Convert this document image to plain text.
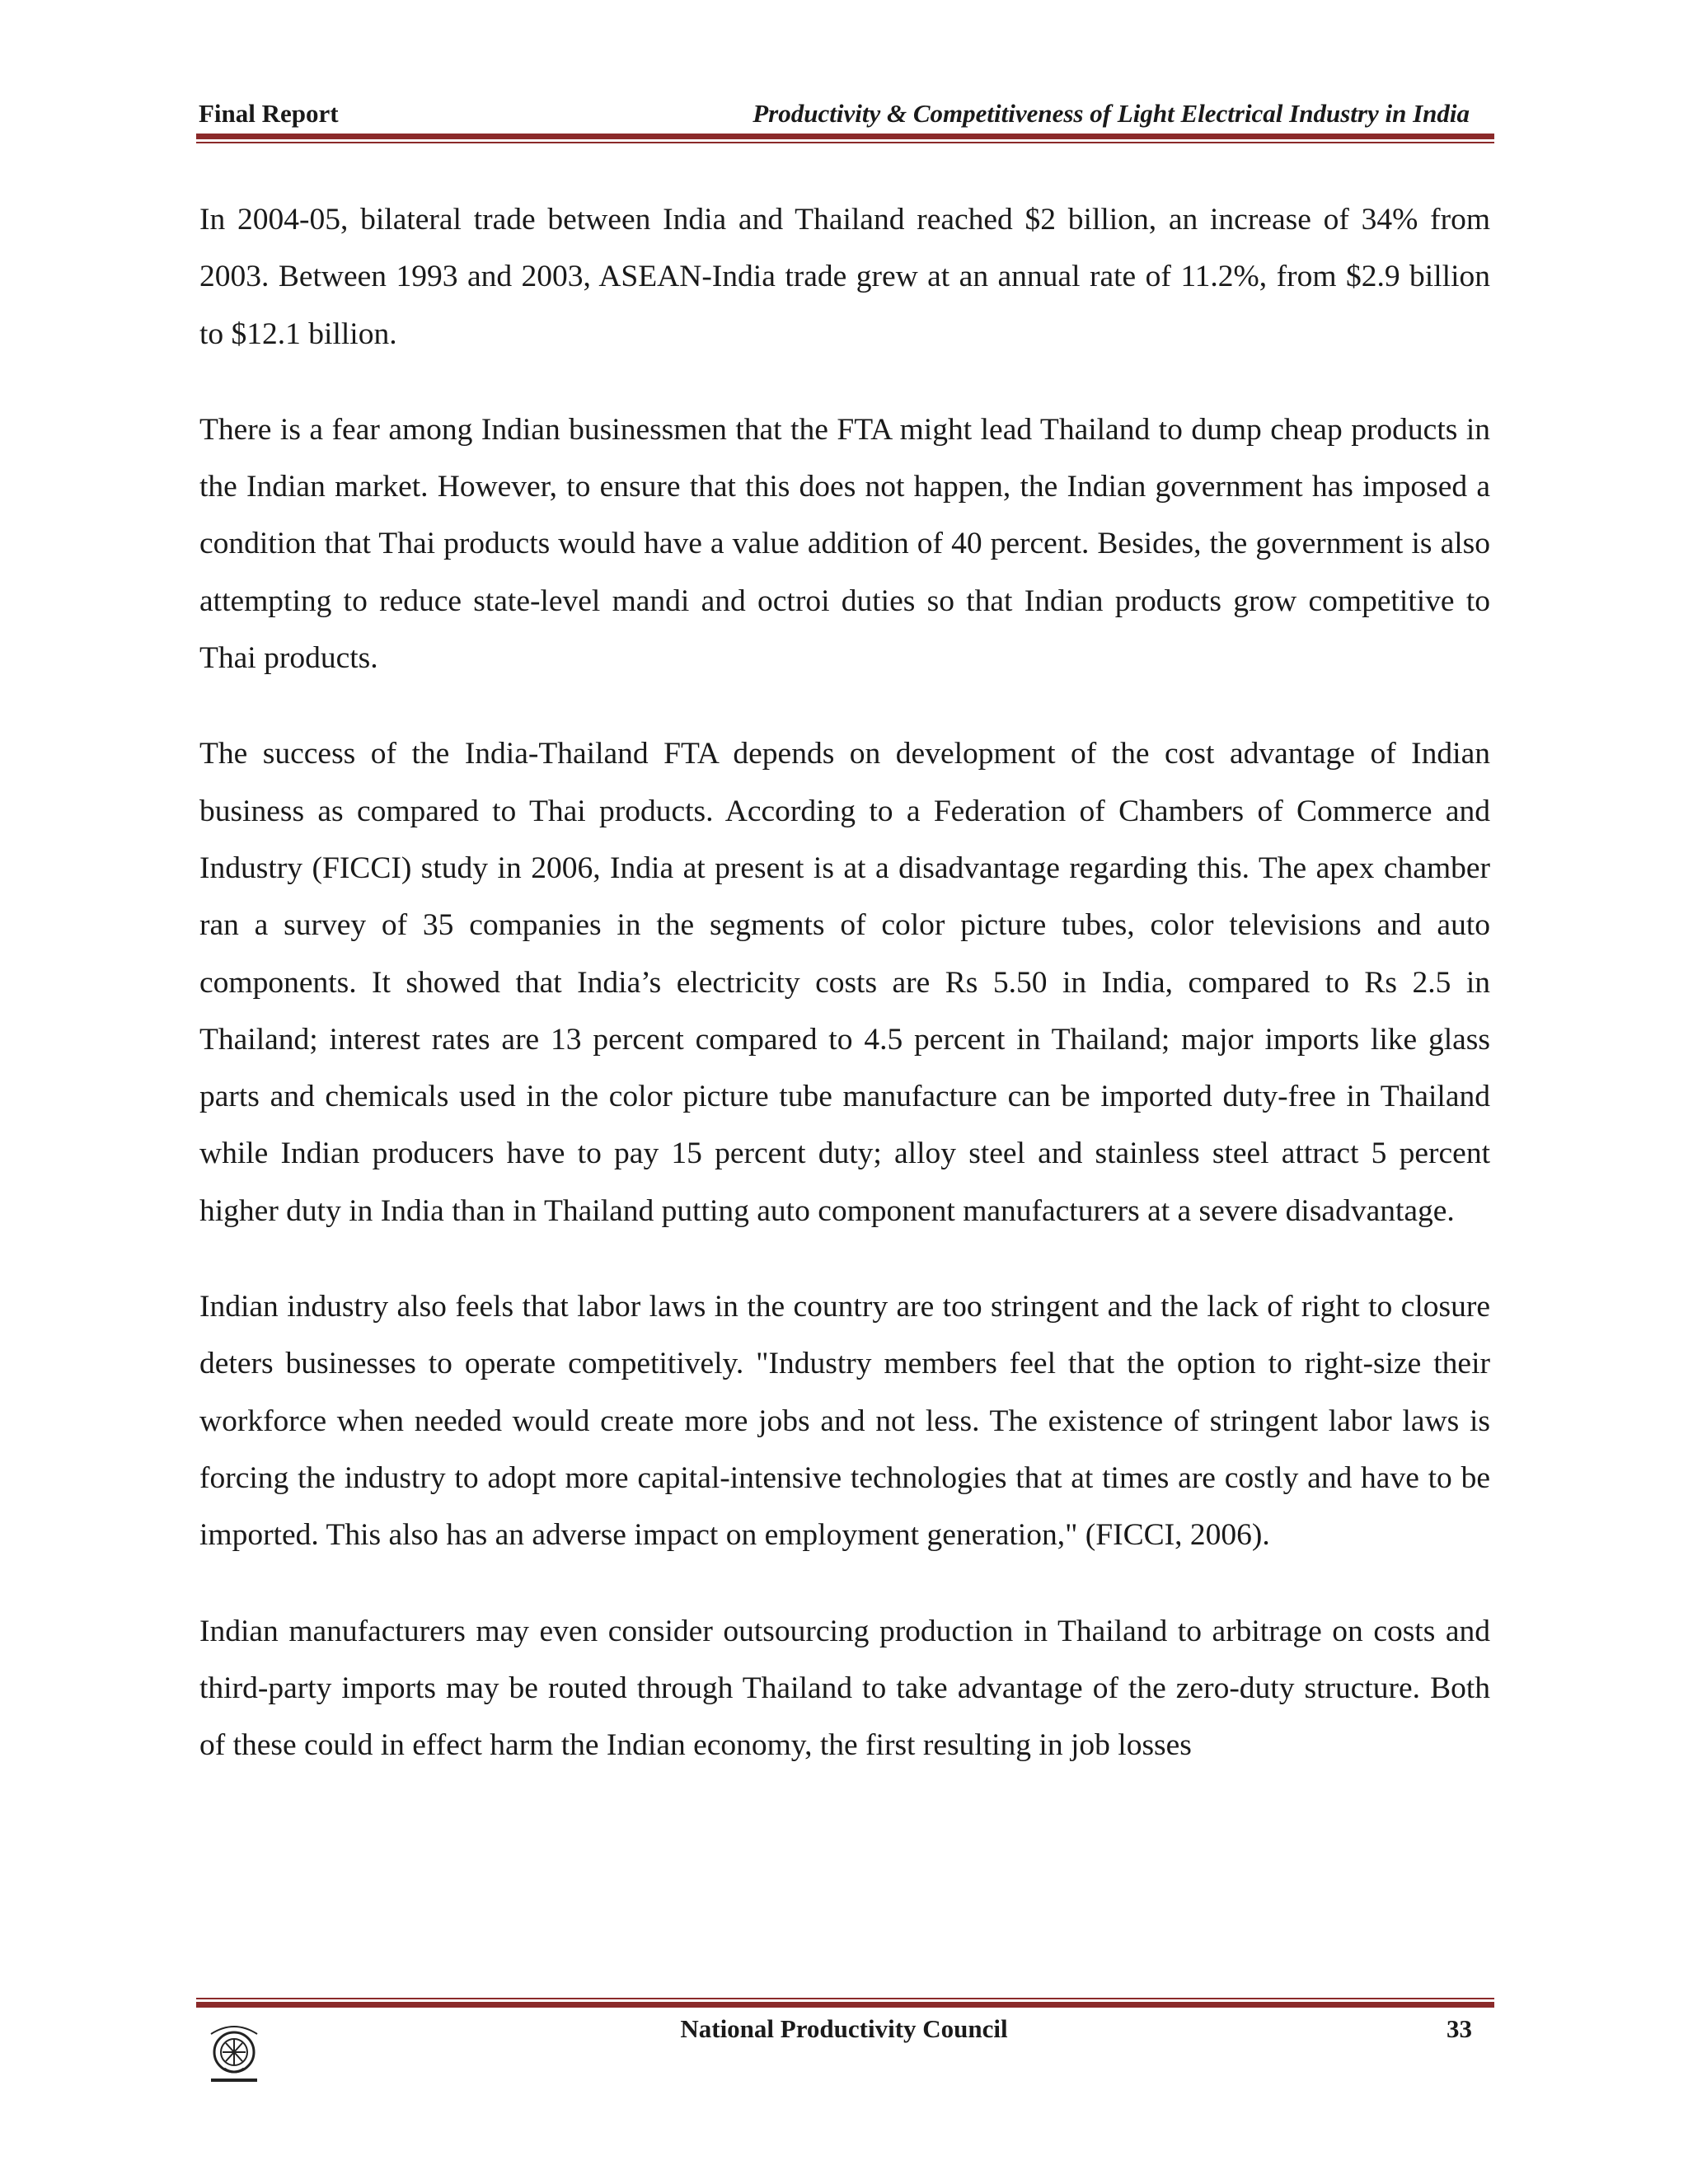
Final Report	Productivity & Competitiveness of Light Electrical Industry in India

In 2004-05, bilateral trade between India and Thailand reached $2 billion, an increase of 34% from 2003. Between 1993 and 2003, ASEAN-India trade grew at an annual rate of 11.2%, from $2.9 billion to $12.1 billion.

There is a fear among Indian businessmen that the FTA might lead Thailand to dump cheap products in the Indian market. However, to ensure that this does not happen, the Indian government has imposed a condition that Thai products would have a value addition of 40 percent. Besides, the government is also attempting to reduce state-level mandi and octroi duties so that Indian products grow competitive to Thai products.

The success of the India-Thailand FTA depends on development of the cost advantage of Indian business as compared to Thai products. According to a Federation of Chambers of Commerce and Industry (FICCI) study in 2006, India at present is at a disadvantage regarding this. The apex chamber ran a survey of 35 companies in the segments of color picture tubes, color televisions and auto components. It showed that India’s electricity costs are Rs 5.50 in India, compared to Rs 2.5 in Thailand; interest rates are 13 percent compared to 4.5 percent in Thailand; major imports like glass parts and chemicals used in the color picture tube manufacture can be imported duty-free in Thailand while Indian producers have to pay 15 percent duty; alloy steel and stainless steel attract 5 percent higher duty in India than in Thailand putting auto component manufacturers at a severe disadvantage.

Indian industry also feels that labor laws in the country are too stringent and the lack of right to closure deters businesses to operate competitively. "Industry members feel that the option to right-size their workforce when needed would create more jobs and not less. The existence of stringent labor laws is forcing the industry to adopt more capital-intensive technologies that at times are costly and have to be imported. This also has an adverse impact on employment generation," (FICCI, 2006).

Indian manufacturers may even consider outsourcing production in Thailand to arbitrage on costs and third-party imports may be routed through Thailand to take advantage of the zero-duty structure. Both of these could in effect harm the Indian economy, the first resulting in job losses

National Productivity Council	33
